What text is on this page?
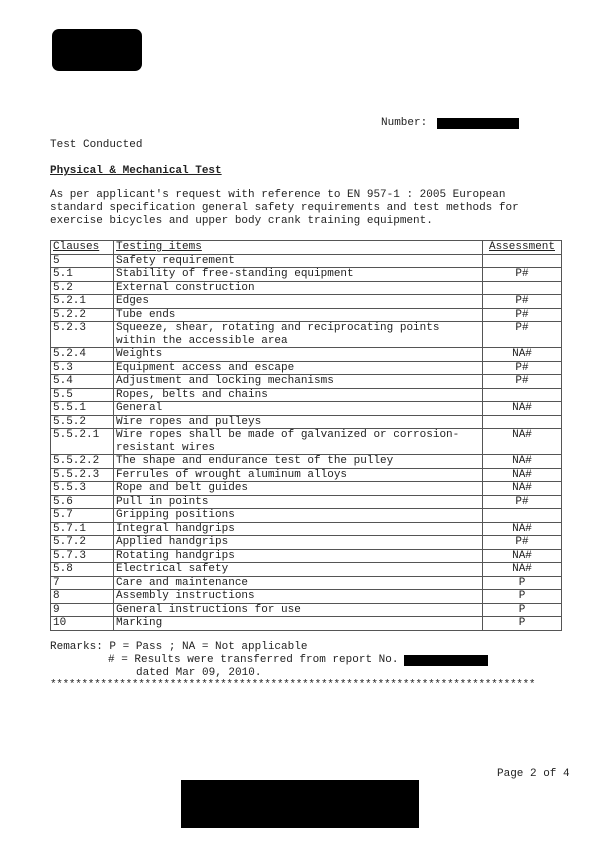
Number:
Test Conducted
Physical & Mechanical Test
As per applicant's request with reference to EN 957-1 : 2005 European
standard specification general safety requirements and test methods for
exercise bicycles and upper body crank training equipment.
Clauses	Testing items	Assessment
5	Safety requirement	
5.1	Stability of free-standing equipment	P#
5.2	External construction	
5.2.1	Edges	P#
5.2.2	Tube ends	P#
5.2.3	Squeeze, shear, rotating and reciprocating points
within the accessible area	P#
5.2.4	Weights	NA#
5.3	Equipment access and escape	P#
5.4	Adjustment and locking mechanisms	P#
5.5	Ropes, belts and chains	
5.5.1	General	NA#
5.5.2	Wire ropes and pulleys	
5.5.2.1	Wire ropes shall be made of galvanized or corrosion-
resistant wires	NA#
5.5.2.2	The shape and endurance test of the pulley	NA#
5.5.2.3	Ferrules of wrought aluminum alloys	NA#
5.5.3	Rope and belt guides	NA#
5.6	Pull in points	P#
5.7	Gripping positions	
5.7.1	Integral handgrips	NA#
5.7.2	Applied handgrips	P#
5.7.3	Rotating handgrips	NA#
5.8	Electrical safety	NA#
7	Care and maintenance	P
8	Assembly instructions	P
9	General instructions for use	P
10	Marking	P
Remarks: P = Pass ; NA = Not applicable
# = Results were transferred from report No.
dated Mar 09, 2010.
*****************************************************************************
Page 2 of 4
